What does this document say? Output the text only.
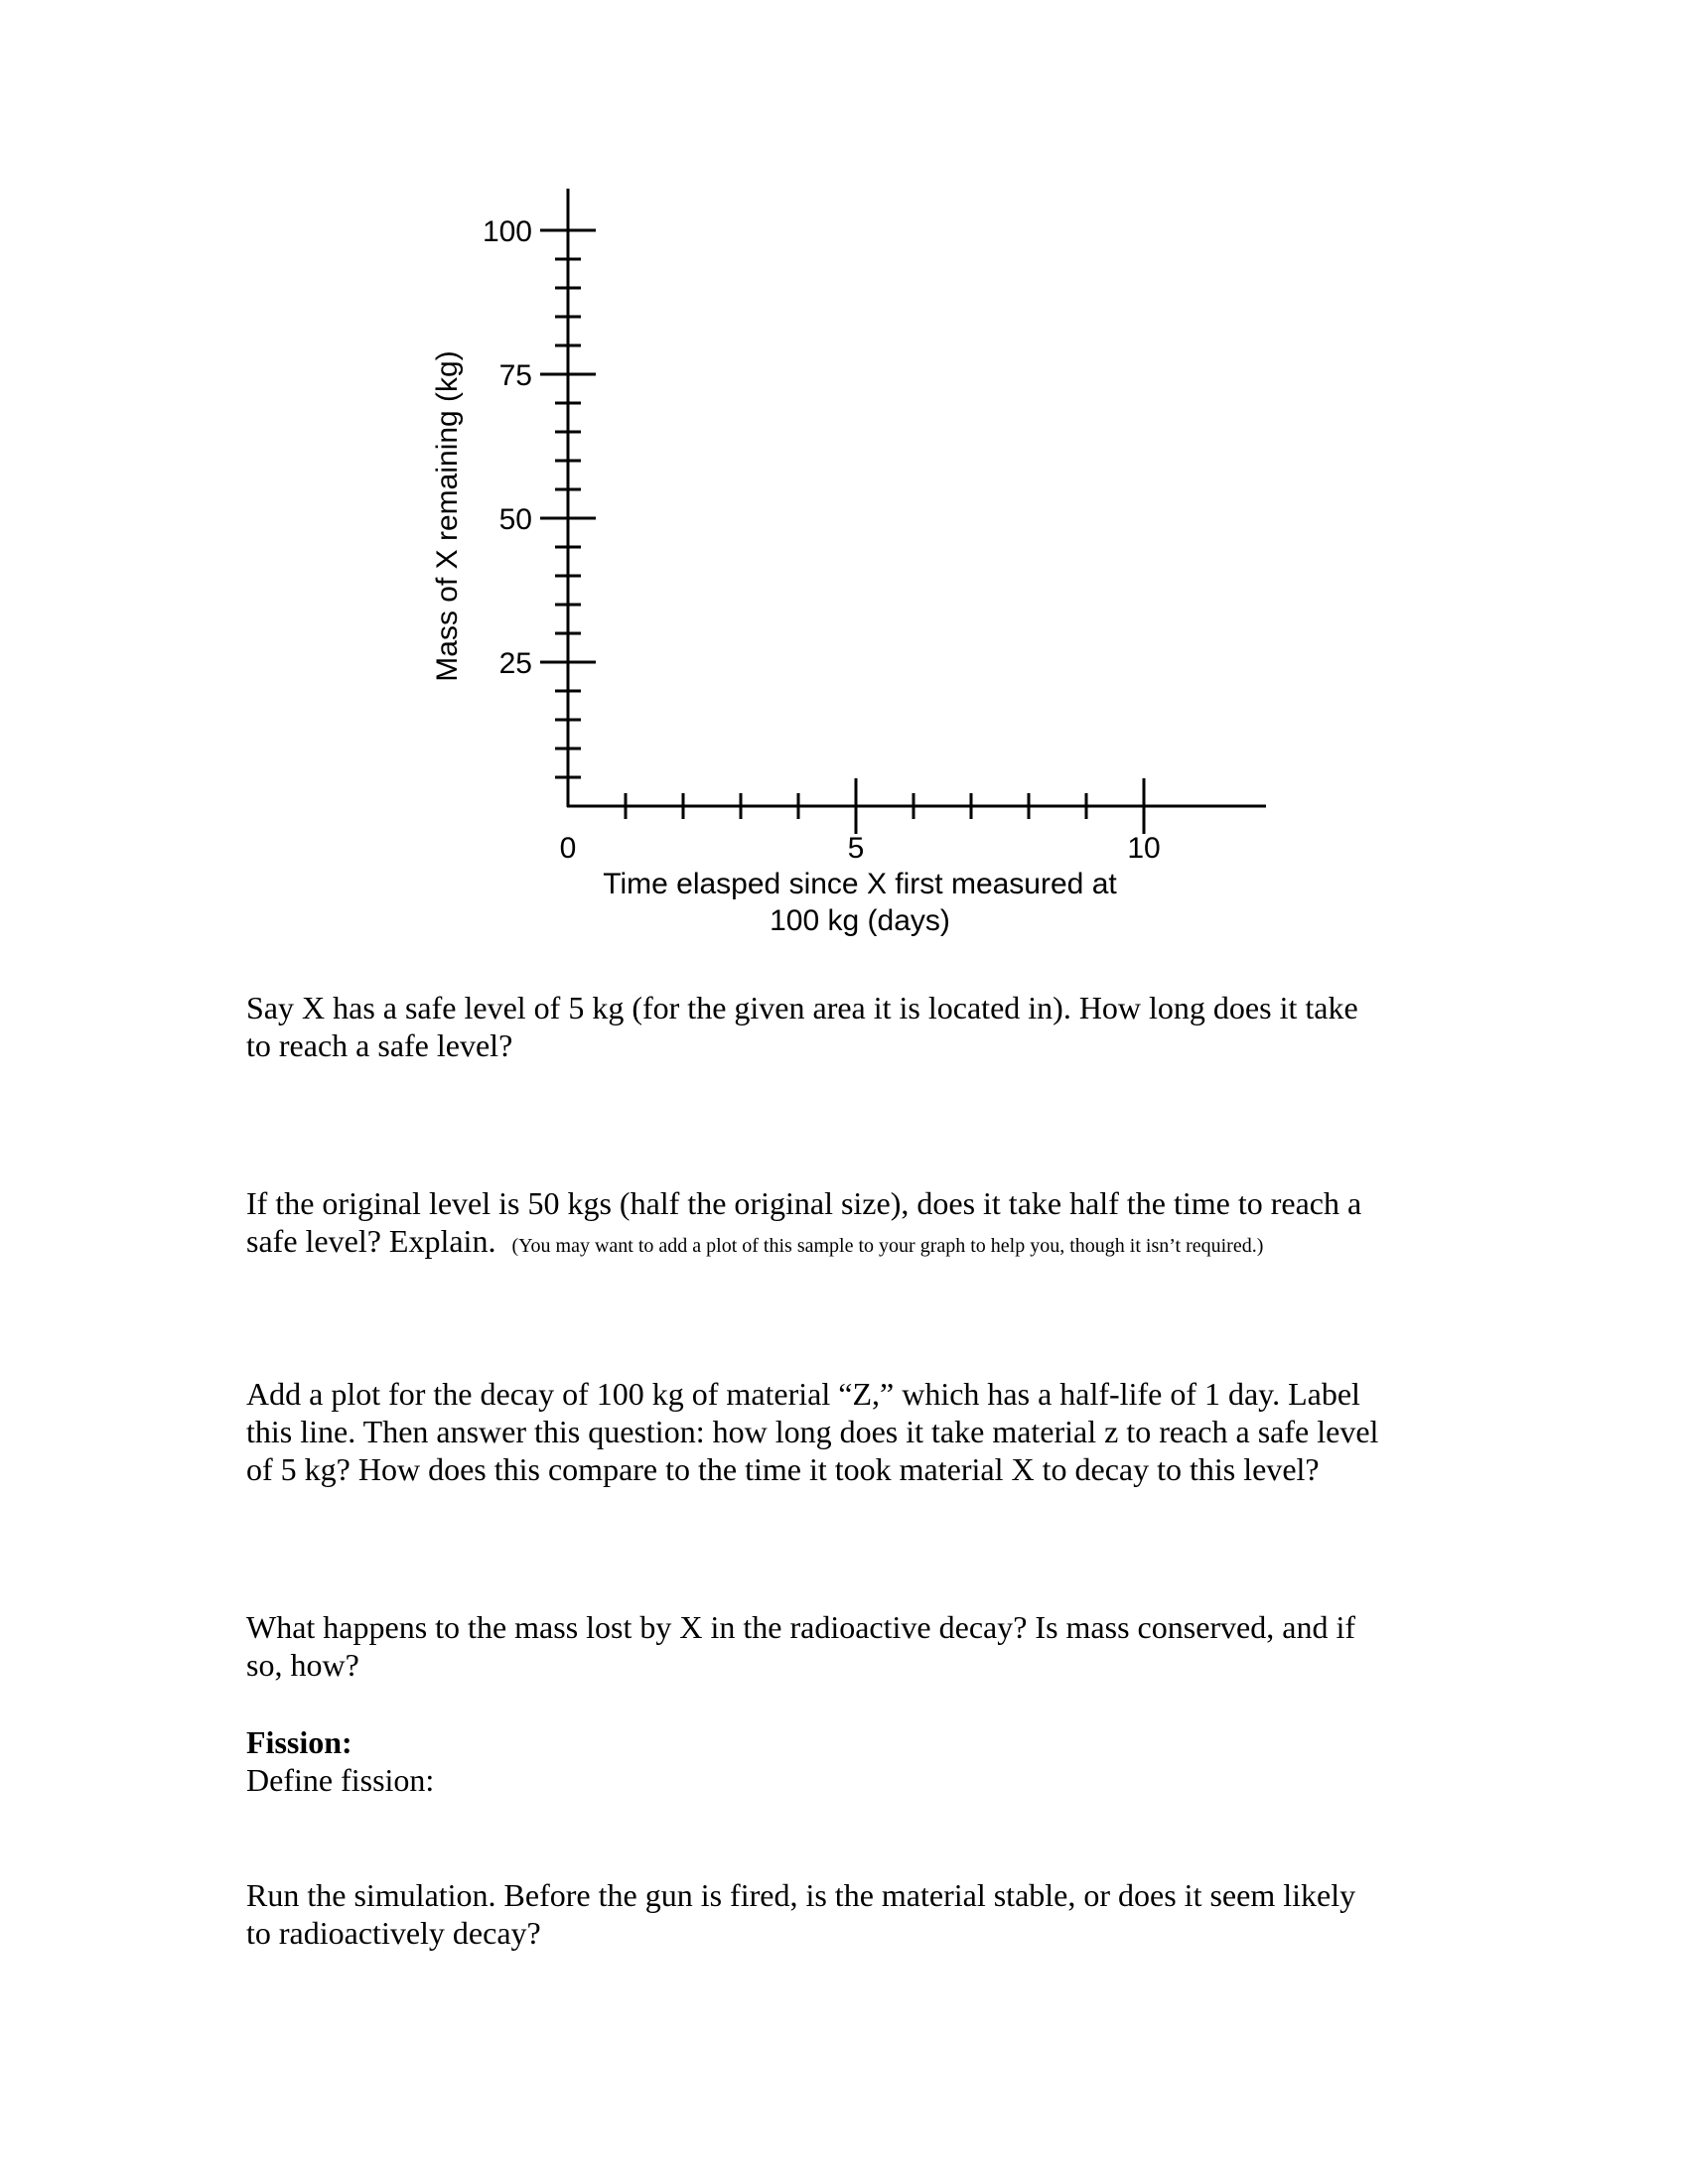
25
50
75
100
0	5	10
Mass of X remaining (kg)
Time elasped since X first measured at
100 kg (days)
Say X has a safe level of 5 kg (for the given area it is located in). How long does it take
to reach a safe level?
If the original level is 50 kgs (half the original size), does it take half the time to reach a
safe level? Explain. (You may want to add a plot of this sample to your graph to help you, though it isn’t required.)
Add a plot for the decay of 100 kg of material “Z,” which has a half-life of 1 day. Label
this line. Then answer this question: how long does it take material z to reach a safe level
of 5 kg? How does this compare to the time it took material X to decay to this level?
What happens to the mass lost by X in the radioactive decay? Is mass conserved, and if
so, how?
Fission:
Define fission:
Run the simulation. Before the gun is fired, is the material stable, or does it seem likely
to radioactively decay?
